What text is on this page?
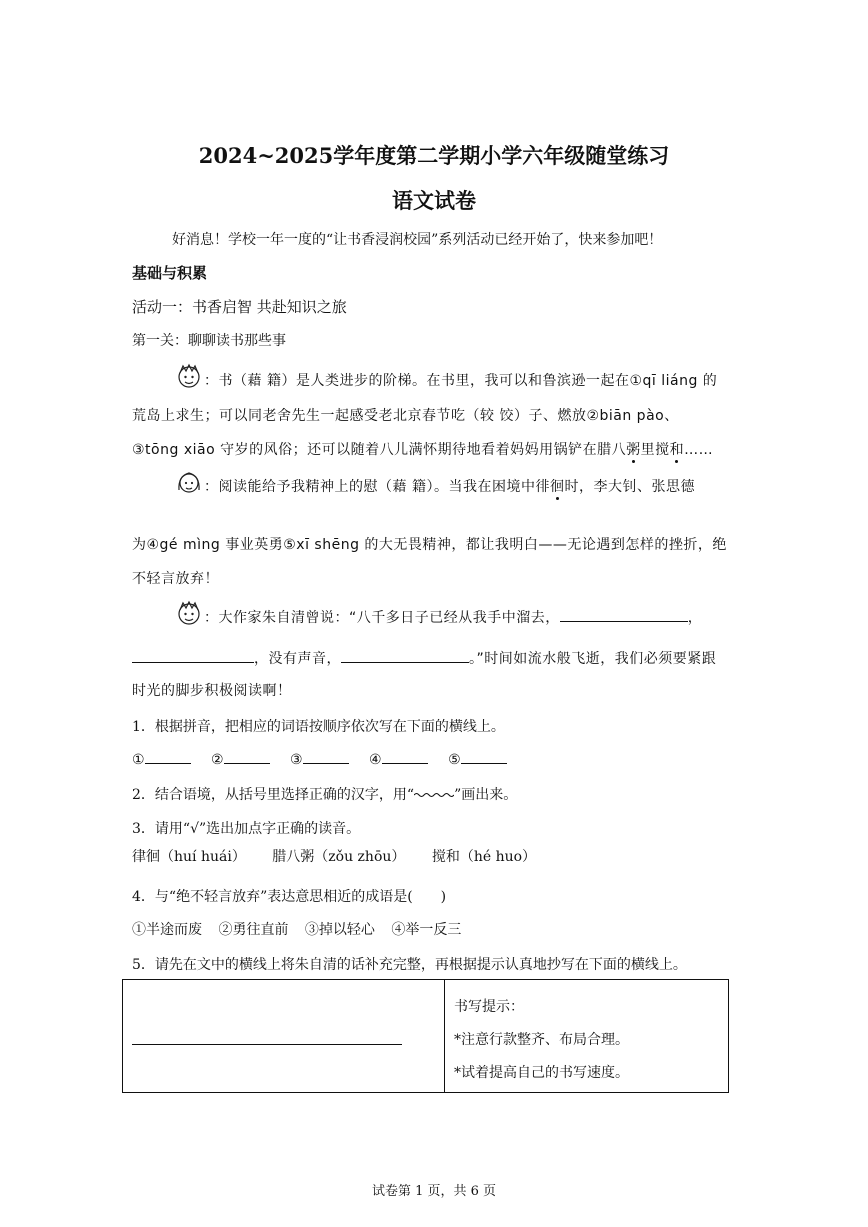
2024~2025学年度第二学期小学六年级随堂练习
语文试卷
好消息！学校一年一度的“让书香浸润校园”系列活动已经开始了，快来参加吧！
基础与积累
活动一：书香启智 共赴知识之旅
第一关：聊聊读书那些事
：书（藉 籍）是人类进步的阶梯。在书里，我可以和鲁滨逊一起在①qī liáng 的
荒岛上求生；可以同老舍先生一起感受老北京春节吃（较 饺）子、燃放②biān pào、
③tōng xiāo 守岁的风俗；还可以随着八儿满怀期待地看着妈妈用锅铲在腊八粥里搅和……
：阅读能给予我精神上的慰（藉 籍）。当我在困境中徘徊时，李大钊、张思德
为④gé mìng 事业英勇⑤xī shēng 的大无畏精神，都让我明白——无论遇到怎样的挫折，绝
不轻言放弃！
：大作家朱自清曾说：“八千多日子已经从我手中溜去，	，
，没有声音，	。”时间如流水般飞逝，我们必须要紧跟
时光的脚步积极阅读啊！
1．根据拼音，把相应的词语按顺序依次写在下面的横线上。
①	②	③	④	⑤
2．结合语境，从括号里选择正确的汉字，用“	”画出来。
3．请用“√”选出加点字正确的读音。
律徊（huí huái） 腊八粥（zǒu zhōu） 搅和（hé huo）
4．与“绝不轻言放弃”表达意思相近的成语是(　　)
①半途而废 ②勇往直前 ③掉以轻心 ④举一反三
5．请先在文中的横线上将朱自清的话补充完整，再根据提示认真地抄写在下面的横线上。
书写提示：
*注意行款整齐、布局合理。
*试着提高自己的书写速度。
试卷第 1 页，共 6 页
